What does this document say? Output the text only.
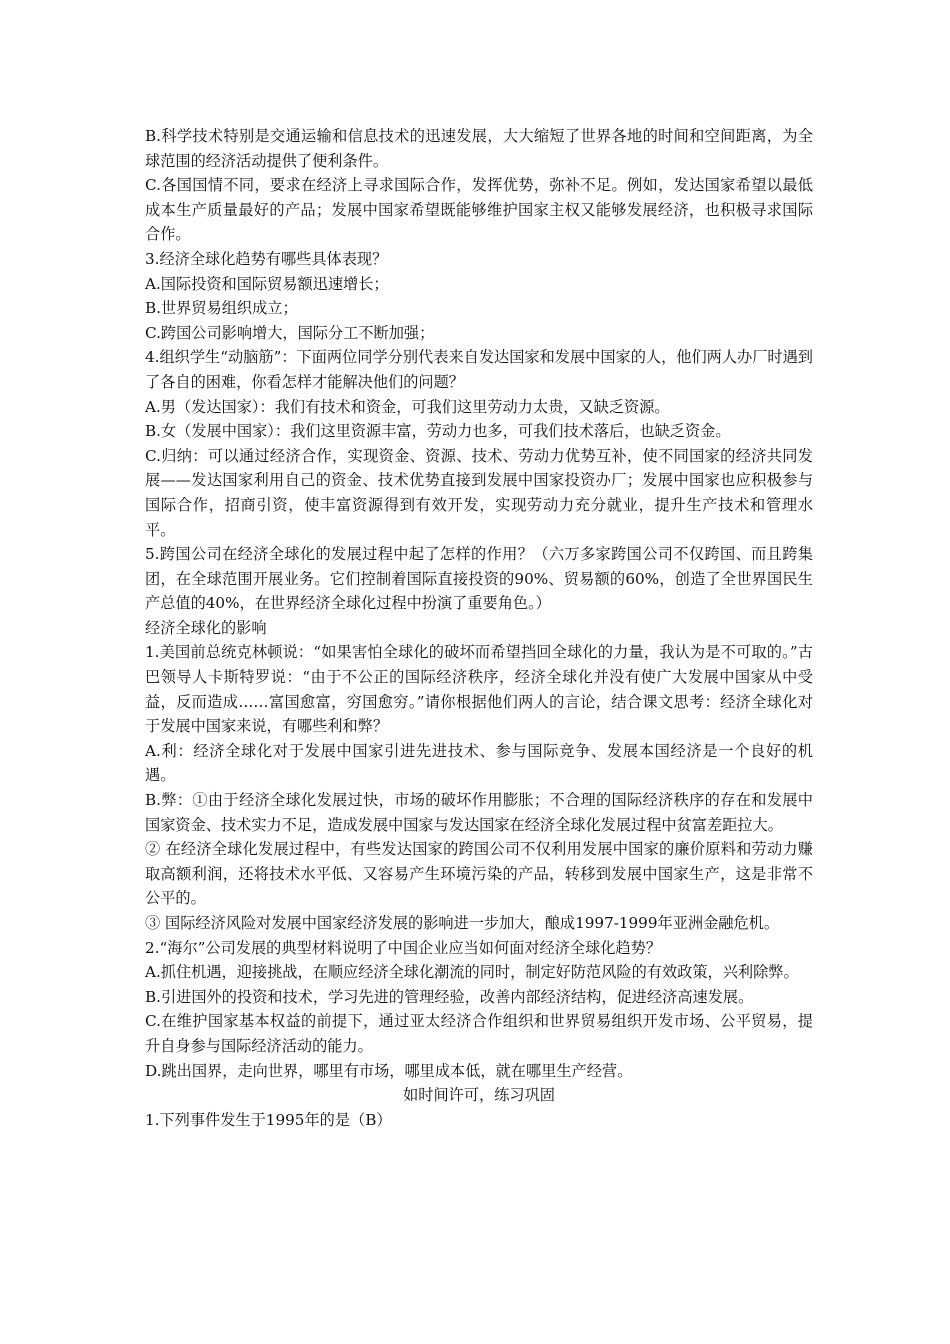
B.科学技术特别是交通运输和信息技术的迅速发展，大大缩短了世界各地的时间和空间距离，为全球范围的经济活动提供了便利条件。

C.各国国情不同，要求在经济上寻求国际合作，发挥优势，弥补不足。例如，发达国家希望以最低成本生产质量最好的产品；发展中国家希望既能够维护国家主权又能够发展经济，也积极寻求国际合作。

3.经济全球化趋势有哪些具体表现？

A.国际投资和国际贸易额迅速增长；

B.世界贸易组织成立；

C.跨国公司影响增大，国际分工不断加强；

4.组织学生“动脑筋”：下面两位同学分别代表来自发达国家和发展中国家的人，他们两人办厂时遇到了各自的困难，你看怎样才能解决他们的问题？

A.男（发达国家）：我们有技术和资金，可我们这里劳动力太贵，又缺乏资源。

B.女（发展中国家）：我们这里资源丰富，劳动力也多，可我们技术落后，也缺乏资金。

C.归纳：可以通过经济合作，实现资金、资源、技术、劳动力优势互补，使不同国家的经济共同发展——发达国家利用自己的资金、技术优势直接到发展中国家投资办厂；发展中国家也应积极参与国际合作，招商引资，使丰富资源得到有效开发，实现劳动力充分就业，提升生产技术和管理水平。

5.跨国公司在经济全球化的发展过程中起了怎样的作用？（六万多家跨国公司不仅跨国、而且跨集团，在全球范围开展业务。它们控制着国际直接投资的90%、贸易额的60%，创造了全世界国民生产总值的40%，在世界经济全球化过程中扮演了重要角色。）

经济全球化的影响

1.美国前总统克林顿说：“如果害怕全球化的破坏而希望挡回全球化的力量，我认为是不可取的。”古巴领导人卡斯特罗说：“由于不公正的国际经济秩序，经济全球化并没有使广大发展中国家从中受益，反而造成……富国愈富，穷国愈穷。”请你根据他们两人的言论，结合课文思考：经济全球化对于发展中国家来说，有哪些利和弊？

A.利：经济全球化对于发展中国家引进先进技术、参与国际竞争、发展本国经济是一个良好的机遇。

B.弊：①由于经济全球化发展过快，市场的破坏作用膨胀；不合理的国际经济秩序的存在和发展中国家资金、技术实力不足，造成发展中国家与发达国家在经济全球化发展过程中贫富差距拉大。

② 在经济全球化发展过程中，有些发达国家的跨国公司不仅利用发展中国家的廉价原料和劳动力赚取高额利润，还将技术水平低、又容易产生环境污染的产品，转移到发展中国家生产，这是非常不公平的。

③ 国际经济风险对发展中国家经济发展的影响进一步加大，酿成1997-1999年亚洲金融危机。

2.“海尔”公司发展的典型材料说明了中国企业应当如何面对经济全球化趋势？

A.抓住机遇，迎接挑战，在顺应经济全球化潮流的同时，制定好防范风险的有效政策，兴利除弊。

B.引进国外的投资和技术，学习先进的管理经验，改善内部经济结构，促进经济高速发展。

C.在维护国家基本权益的前提下，通过亚太经济合作组织和世界贸易组织开发市场、公平贸易，提升自身参与国际经济活动的能力。

D.跳出国界，走向世界，哪里有市场，哪里成本低，就在哪里生产经营。

如时间许可，练习巩固

1.下列事件发生于1995年的是（B）
